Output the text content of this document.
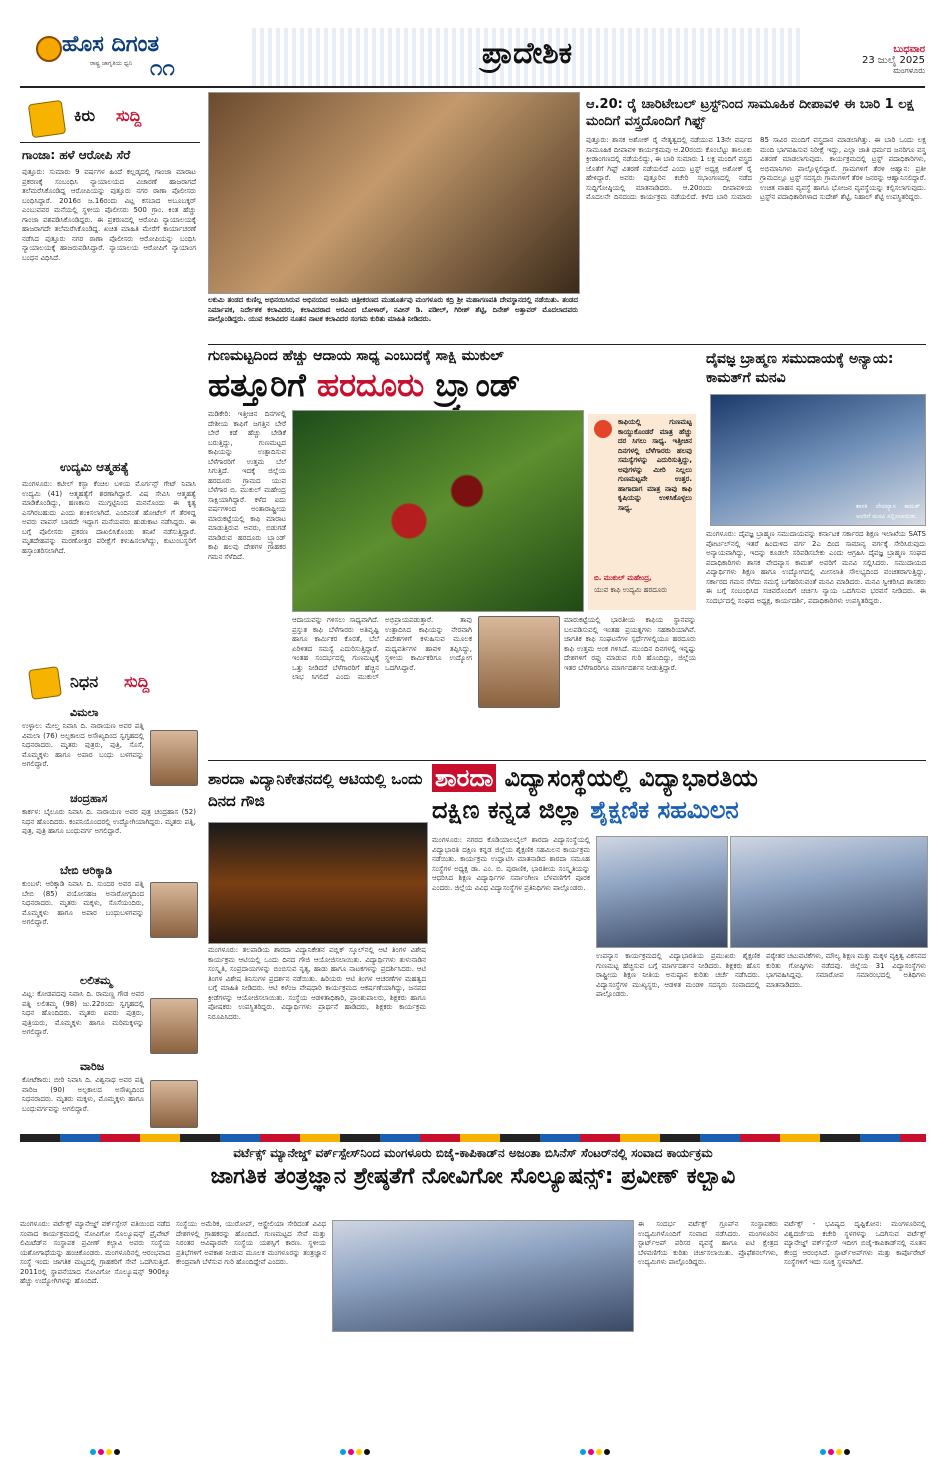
ಹೊಸ ದಿಗಂತ
ರಾಷ್ಟ್ರ ಜಾಗೃತಿಯ ಧ್ವನಿ ೧೧	ಪ್ರಾದೇಶಿಕ	ಬುಧವಾರ
23 ಜುಲೈ 2025
ಮಂಗಳೂರು
ಕಿರು ಸುದ್ದಿ
ಗಾಂಜಾ: ಹಳೆ ಆರೋಪಿ ಸೆರೆ
ಪುತ್ತೂರು: ಸುಮಾರು 9 ವರ್ಷಗಳ ಹಿಂದೆ ಕಲ್ಲಡ್ಕದಲ್ಲಿ ಗಾಂಜಾ ಮಾರಾಟ ಪ್ರಕರಣಕ್ಕೆ ಸಂಬಂಧಿಸಿ ನ್ಯಾಯಾಲಯದ ವಿಚಾರಣೆ ಹಾಜರಾಗದೆ ತಲೆಮರೆಸಿಕೊಂಡಿದ್ದ ಆರೋಪಿಯನ್ನು ಪುತ್ತೂರು ನಗರ ಠಾಣಾ ಪೊಲೀಸರು ಬಂಧಿಸಿದ್ದಾರೆ. 2016ರ ಜ.16ರಂದು ವಿಟ್ಲ ಕಸಬಾದ ಅಬೂಬಕ್ಕರ್ ಎಂಬುವವರ ಮನೆಯಲ್ಲಿ ಸ್ಥಳೀಯ ಪೊಲೀಸರು 500 ಗ್ರಾಂ. ಕಿಂತ ಹೆಚ್ಚು ಗಾಂಜಾ ವಶಪಡಿಸಿಕೊಂಡಿದ್ದರು. ಈ ಪ್ರಕರಣದಲ್ಲಿ ಆರೋಪಿ ನ್ಯಾಯಾಲಯಕ್ಕೆ ಹಾಜರಾಗದೇ ತಲೆಮರೆಸಿಕೊಂಡಿದ್ದ. ಖಚಿತ ಮಾಹಿತಿ ಮೇರೆಗೆ ಕಾರ್ಯಾಚರಣೆ ನಡೆಸಿದ ಪುತ್ತೂರು ನಗರ ಠಾಣಾ ಪೊಲೀಸರು ಆರೋಪಿಯನ್ನು ಬಂಧಿಸಿ ನ್ಯಾಯಾಲಯಕ್ಕೆ ಹಾಜರುಪಡಿಸಿದ್ದಾರೆ. ನ್ಯಾಯಾಲಯ ಆರೋಪಿಗೆ ನ್ಯಾಯಾಂಗ ಬಂಧನ ವಿಧಿಸಿದೆ.
ಉದ್ಯಮಿ ಆತ್ಮಹತ್ಯೆ
ಮಂಗಳೂರು: ಕಟೀಲ್ ಕಸ್ಬಾ ಕೆಂಚಿಲ ಬಳಿಯ ಮೊರ್ಗನ್ಸ್ ಗೇಟ್ ನಿವಾಸಿ ಉದ್ಯಮಿ (41) ಆತ್ಮಹತ್ಯೆಗೆ ಶರಣಾಗಿದ್ದಾರೆ. ವಿಷ ಸೇವಿಸಿ ಆತ್ಮಹತ್ಯೆ ಮಾಡಿಕೊಂಡಿದ್ದು, ಹಣಕಾಸು ಮುಗ್ಗಟ್ಟಿನಿಂದ ಮನನೊಂದು ಈ ಕೃತ್ಯ ಎಸಗಿರಬಹುದು ಎಂದು ಶಂಕಿಸಲಾಗಿದೆ. ಎಂದಿನಂತೆ ಹೋಟೆಲ್ ಗೆ ತೆರಳಿದ್ದ ಅವರು ವಾಪಸ್ ಬಾರದೇ ಇದ್ದಾಗ ಮನೆಯವರು ಹುಡುಕಾಟ ನಡೆಸಿದ್ದರು. ಈ ಬಗ್ಗೆ ಪೊಲೀಸರು ಪ್ರಕರಣ ದಾಖಲಿಸಿಕೊಂಡು ತನಿಖೆ ನಡೆಸುತ್ತಿದ್ದಾರೆ. ಮೃತದೇಹವನ್ನು ಮರಣೋತ್ತರ ಪರೀಕ್ಷೆಗೆ ಕಳುಹಿಸಲಾಗಿದ್ದು, ಕುಟುಂಬಸ್ಥರಿಗೆ ಹಸ್ತಾಂತರಿಸಲಾಗಿದೆ.
ನಿಧನ ಸುದ್ದಿ
ವಿಮಲಾ
ಉಳ್ಳಾಲ: ಮೇಲ್ತ ನಿವಾಸಿ ದಿ. ನಾರಾಯಣ ಅವರ ಪತ್ನಿ ವಿಮಲಾ (76) ಅಲ್ಪಕಾಲದ ಅಸೌಖ್ಯದಿಂದ ಸ್ವಗೃಹದಲ್ಲಿ ನಿಧನರಾದರು. ಮೃತರು ಪುತ್ರರು, ಪುತ್ರಿ, ಸೊಸೆ, ಮೊಮ್ಮಕ್ಕಳು ಹಾಗೂ ಅಪಾರ ಬಂಧು ಬಳಗವನ್ನು ಅಗಲಿದ್ದಾರೆ.
ಚಂದ್ರಹಾಸ
ಕಾರ್ಕಳ: ಬೈಲೂರು ನಿವಾಸಿ ದಿ. ನಾರಾಯಣ ಅವರ ಪುತ್ರ ಚಂದ್ರಹಾಸ (52) ನಿಧನ ಹೊಂದಿದರು. ಕಂಪನಿಯೊಂದರಲ್ಲಿ ಉದ್ಯೋಗಿಯಾಗಿದ್ದರು. ಮೃತರು ಪತ್ನಿ, ಪುತ್ರ, ಪುತ್ರಿ ಹಾಗೂ ಬಂಧುವರ್ಗ ಅಗಲಿದ್ದಾರೆ.
ಬೇಬಿ ಆರಿಕ್ಕಾಡಿ
ಕುಂಬಳೆ: ಆರಿಕ್ಕಾಡಿ ನಿವಾಸಿ ದಿ. ಸುಂದರ ಅವರ ಪತ್ನಿ ಬೇಬಿ (85) ವಯೋಸಹಜ ಅನಾರೋಗ್ಯದಿಂದ ನಿಧನರಾದರು. ಮೃತರು ಮಕ್ಕಳು, ಸೊಸೆಯಂದಿರು, ಮೊಮ್ಮಕ್ಕಳು ಹಾಗೂ ಅಪಾರ ಬಂಧುಬಳಗವನ್ನು ಅಗಲಿದ್ದಾರೆ.
ಲಲಿತಮ್ಮ
ವಿಟ್ಲ: ಕೋಡಪದವು ನಿವಾಸಿ ದಿ. ರಾಮಣ್ಣ ಗೌಡ ಅವರ ಪತ್ನಿ ಲಲಿತಮ್ಮ (98) ಜು.22ರಂದು ಸ್ವಗೃಹದಲ್ಲಿ ನಿಧನ ಹೊಂದಿದರು. ಮೃತರು ಐವರು ಪುತ್ರರು, ಪುತ್ರಿಯರು, ಮೊಮ್ಮಕ್ಕಳು ಹಾಗೂ ಮರಿಮಕ್ಕಳನ್ನು ಅಗಲಿದ್ದಾರೆ.
ವಾರಿಜ
ಕೋಟೆಕಾರು: ಬೀರಿ ನಿವಾಸಿ ದಿ. ವಿಶ್ವನಾಥ ಅವರ ಪತ್ನಿ ವಾರಿಜ (90) ಅಲ್ಪಕಾಲದ ಅಸೌಖ್ಯದಿಂದ ನಿಧನರಾದರು. ಮೃತರು ಮಕ್ಕಳು, ಮೊಮ್ಮಕ್ಕಳು ಹಾಗೂ ಬಂಧುವರ್ಗವನ್ನು ಅಗಲಿದ್ದಾರೆ.
ಲಕುಮಿ ತಂಡದ ಕುಣಿಲ್ಲ ಅಭಿನಯಿಸಿರುವ ಅಭಿನಯದ ಅಂತಿಮ ಚಿತ್ರೀಕರಣದ ಮುಹೂರ್ತವು ಮಂಗಳೂರು ಕದ್ರಿ ಶ್ರೀ ಮಹಾಗಣಪತಿ ದೇವಸ್ಥಾನದಲ್ಲಿ ನಡೆಯಿತು. ತಂಡದ ನಿರ್ಮಾಪಕ, ನಿರ್ದೇಶಕ ಕಲಾವಿದರು, ಕಲಾವಿದರಾದ ಅರವಿಂದ ಬೋಳಾರ್, ನವೀನ್ ಡಿ. ಪಡೀಲ್, ಗಿರೀಶ್ ಶೆಟ್ಟಿ, ದಿನೇಶ್ ಅತ್ತಾವರ್ ಮೊದಲಾದವರು ಪಾಲ್ಗೊಂಡಿದ್ದರು. ಯುವ ಕಲಾವಿದರ ನೂತನ ನಾಟಕ ಕಲಾವಿದರ ಸಂಗಮ ಕುರಿತು ಮಾಹಿತಿ ನೀಡಿದರು.
ಆ.20: ರೈ ಚಾರಿಟೇಬಲ್ ಟ್ರಸ್ಟ್‌ನಿಂದ ಸಾಮೂಹಿಕ ದೀಪಾವಳಿ ಈ ಬಾರಿ 1 ಲಕ್ಷ ಮಂದಿಗೆ ವಸ್ತ್ರದೊಂದಿಗೆ ಗಿಫ್ಟ್
ಪುತ್ತೂರು: ಶಾಸಕ ಅಶೋಕ್ ರೈ ನೇತೃತ್ವದಲ್ಲಿ ನಡೆಯುವ 13ನೇ ವರ್ಷದ ಸಾಮೂಹಿಕ ದೀಪಾವಳಿ ಕಾರ್ಯಕ್ರಮವು ಆ.20ರಂದು ಕೊಂಬೆಟ್ಟು ತಾಲೂಕು ಕ್ರೀಡಾಂಗಣದಲ್ಲಿ ನಡೆಯಲಿದ್ದು, ಈ ಬಾರಿ ಸುಮಾರು 1 ಲಕ್ಷ ಮಂದಿಗೆ ವಸ್ತ್ರದ ಜೊತೆಗೆ ಗಿಫ್ಟ್ ವಿತರಣೆ ನಡೆಯಲಿದೆ ಎಂದು ಟ್ರಸ್ಟ್ ಅಧ್ಯಕ್ಷ ಅಶೋಕ್ ರೈ ಹೇಳಿದ್ದಾರೆ. ಅವರು ಪುತ್ತೂರಿನ ಕಚೇರಿ ಸಭಾಂಗಣದಲ್ಲಿ ನಡೆದ ಸುದ್ದಿಗೋಷ್ಠಿಯಲ್ಲಿ ಮಾತನಾಡಿದರು. ಆ.20ರಂದು ದೀಪಾವಳಿಯ ಮೊದಲನೇ ದಿನದಂದು ಕಾರ್ಯಕ್ರಮ ನಡೆಯಲಿದೆ. ಕಳೆದ ಬಾರಿ ಸುಮಾರು 85 ಸಾವಿರ ಮಂದಿಗೆ ವಸ್ತ್ರದಾನ ಮಾಡಲಾಗಿತ್ತು. ಈ ಬಾರಿ ಒಂದು ಲಕ್ಷ ಮಂದಿ ಭಾಗವಹಿಸುವ ನಿರೀಕ್ಷೆ ಇದ್ದು, ಎಲ್ಲಾ ಜಾತಿ ಧರ್ಮದ ಜನರಿಗೂ ವಸ್ತ್ರ ವಿತರಣೆ ಮಾಡಲಾಗುವುದು. ಕಾರ್ಯಕ್ರಮದಲ್ಲಿ ಟ್ರಸ್ಟ್ ಪದಾಧಿಕಾರಿಗಳು, ಅಭಿಮಾನಿಗಳು ಪಾಲ್ಗೊಳ್ಳಲಿದ್ದಾರೆ. ಗ್ರಾಮಗಳಿಗೆ ತೆರಳಿ ಆಹ್ವಾನ: ಪ್ರತೀ ಗ್ರಾಮದಲ್ಲೂ ಟ್ರಸ್ಟ್ ಸದಸ್ಯರು ಗ್ರಾಮಗಳಿಗೆ ತೆರಳಿ ಜನರನ್ನು ಆಹ್ವಾನಿಸಲಿದ್ದಾರೆ. ಉಚಿತ ವಾಹನ ವ್ಯವಸ್ಥೆ ಹಾಗೂ ಭೋಜನ ವ್ಯವಸ್ಥೆಯನ್ನು ಕಲ್ಪಿಸಲಾಗುವುದು. ಟ್ರಸ್ಟ್‌ನ ಪದಾಧಿಕಾರಿಗಳಾದ ಸುದೇಶ್ ಶೆಟ್ಟಿ, ನಿಹಾಲ್ ಶೆಟ್ಟಿ ಉಪಸ್ಥಿತರಿದ್ದರು.
ಗುಣಮಟ್ಟದಿಂದ ಹೆಚ್ಚು ಆದಾಯ ಸಾಧ್ಯ ಎಂಬುದಕ್ಕೆ ಸಾಕ್ಷಿ ಮುಕುಲ್
ಹತ್ತೂರಿಗೆ ಹರದೂರು ಬ್ರ್ಯಾಂಡ್
ಮಡಿಕೇರಿ: ಇತ್ತೀಚಿನ ದಿನಗಳಲ್ಲಿ ದೇಶೀಯ ಕಾಫಿಗೆ ಜಗತ್ತಿನ ಬೇರೆ ಬೇರೆ ಕಡೆ ಹೆಚ್ಚು ಬೇಡಿಕೆ ಬರುತ್ತಿದ್ದು, ಗುಣಮಟ್ಟದ ಕಾಫಿಯನ್ನು ಉತ್ಪಾದಿಸುವ ಬೆಳೆಗಾರರಿಗೆ ಉತ್ತಮ ಬೆಲೆ ಸಿಗುತ್ತಿದೆ. ಇದಕ್ಕೆ ಜಿಲ್ಲೆಯ ಹರದೂರು ಗ್ರಾಮದ ಯುವ ಬೆಳೆಗಾರ ಬಿ. ಮುಕುಲ್ ಮಹೇಂದ್ರ ಸಾಕ್ಷಿಯಾಗಿದ್ದಾರೆ. ಕಳೆದ ಐದು ವರ್ಷಗಳಿಂದ ಅಂತಾರಾಷ್ಟ್ರೀಯ ಮಾರುಕಟ್ಟೆಯಲ್ಲಿ ಕಾಫಿ ಮಾರಾಟ ಮಾಡುತ್ತಿರುವ ಅವರು, ಬಿಡುಗಡೆ ಮಾಡಿರುವ ಹರದೂರು ಬ್ರ್ಯಾಂಡ್ ಕಾಫಿ ಹಲವು ದೇಶಗಳ ಗ್ರಾಹಕರ ಗಮನ ಸೆಳೆದಿದೆ.
ಕಾಫಿಯಲ್ಲಿ ಗುಣಮಟ್ಟ ಕಾಯ್ದುಕೊಂಡರೆ ಮಾತ್ರ ಹೆಚ್ಚು ದರ ಸಿಗಲು ಸಾಧ್ಯ. ಇತ್ತೀಚಿನ ದಿನಗಳಲ್ಲಿ ಬೆಳೆಗಾರರು ಹಲವು ಸಮಸ್ಯೆಗಳನ್ನು ಎದುರಿಸುತ್ತಿದ್ದು, ಅವುಗಳನ್ನು ಮೀರಿ ನಿಲ್ಲಲು ಗುಣಮಟ್ಟವೇ ಉತ್ತರ. ಹಾಗಾದಾಗ ಮಾತ್ರ ನಾವು ಕಾಫಿ ಕೃಷಿಯನ್ನು ಉಳಿಸಿಕೊಳ್ಳಲು ಸಾಧ್ಯ.
ಬಿ. ಮುಕುಲ್ ಮಹೇಂದ್ರ,
ಯುವ ಕಾಫಿ ಉದ್ಯಮಿ ಹರದೂರು
ಆದಾಯವನ್ನು ಗಳಿಸಲು ಸಾಧ್ಯವಾಗಿದೆ. ಪ್ರಸ್ತುತ ಕಾಫಿ ಬೆಳೆಗಾರರು ಅತಿವೃಷ್ಟಿ ಹಾಗೂ ಕಾರ್ಮಿಕರ ಕೊರತೆ, ಬೆಲೆ ಏರಿಳಿತದ ಸಮಸ್ಯೆ ಎದುರಿಸುತ್ತಿದ್ದಾರೆ. ಇಂತಹ ಸಂದರ್ಭದಲ್ಲಿ ಗುಣಮಟ್ಟಕ್ಕೆ ಒತ್ತು ನೀಡಿದರೆ ಬೆಳೆಗಾರರಿಗೆ ಹೆಚ್ಚಿನ ಲಾಭ ಸಿಗಲಿದೆ ಎಂದು ಮುಕುಲ್ ಅಭಿಪ್ರಾಯಪಡುತ್ತಾರೆ. ತಾವು ಉತ್ಪಾದಿಸಿದ ಕಾಫಿಯನ್ನು ನೇರವಾಗಿ ವಿದೇಶಗಳಿಗೆ ಕಳುಹಿಸುವ ಮೂಲಕ ಮಧ್ಯವರ್ತಿಗಳ ಹಾವಳಿ ತಪ್ಪಿಸಿದ್ದು, ಸ್ಥಳೀಯ ಕಾರ್ಮಿಕರಿಗೂ ಉದ್ಯೋಗ ಒದಗಿಸಿದ್ದಾರೆ.
ಮಾರುಕಟ್ಟೆಯಲ್ಲಿ ಭಾರತೀಯ ಕಾಫಿಯ ಸ್ಥಾನವನ್ನು ಬಲಪಡಿಸುವಲ್ಲಿ ಇಂತಹ ಪ್ರಯತ್ನಗಳು ಸಹಕಾರಿಯಾಗಿವೆ. ಜಾಗತಿಕ ಕಾಫಿ ಸಂಘಟನೆಗಳ ಸ್ಪರ್ಧೆಗಳಲ್ಲಿಯೂ ಹರದೂರು ಕಾಫಿ ಉತ್ತಮ ಅಂಕ ಗಳಿಸಿದೆ. ಮುಂದಿನ ದಿನಗಳಲ್ಲಿ ಇನ್ನಷ್ಟು ದೇಶಗಳಿಗೆ ರಫ್ತು ಮಾಡುವ ಗುರಿ ಹೊಂದಿದ್ದು, ಜಿಲ್ಲೆಯ ಇತರ ಬೆಳೆಗಾರರಿಗೂ ಮಾರ್ಗದರ್ಶನ ನೀಡುತ್ತಿದ್ದಾರೆ.
ದೈವಜ್ಞ ಬ್ರಾಹ್ಮಣ ಸಮುದಾಯಕ್ಕೆ ಅನ್ಯಾಯ: ಕಾಮತ್‌ಗೆ ಮನವಿ
ಶಾಸಕ ವೇದವ್ಯಾಸ ಕಾಮತ್ ಅವರಿಗೆ ಮನವಿ ಸಲ್ಲಿಸಲಾಯಿತು.
ಮಂಗಳೂರು: ದೈವಜ್ಞ ಬ್ರಾಹ್ಮಣ ಸಮುದಾಯವನ್ನು ಕರ್ನಾಟಕ ಸರ್ಕಾರದ ಶಿಕ್ಷಣ ಇಲಾಖೆಯ SATS ಪೋರ್ಟಲ್‌ನಲ್ಲಿ ಇತರೆ ಹಿಂದುಳಿದ ವರ್ಗ 2ಎ ದಿಂದ ಸಾಮಾನ್ಯ ವರ್ಗಕ್ಕೆ ಸೇರಿಸಿರುವುದು ಅನ್ಯಾಯವಾಗಿದ್ದು, ಇದನ್ನು ಕೂಡಲೇ ಸರಿಪಡಿಸಬೇಕು ಎಂದು ಆಗ್ರಹಿಸಿ ದೈವಜ್ಞ ಬ್ರಾಹ್ಮಣ ಸಂಘದ ಪದಾಧಿಕಾರಿಗಳು ಶಾಸಕ ವೇದವ್ಯಾಸ ಕಾಮತ್ ಅವರಿಗೆ ಮನವಿ ಸಲ್ಲಿಸಿದರು. ಸಮುದಾಯದ ವಿದ್ಯಾರ್ಥಿಗಳು ಶಿಕ್ಷಣ ಹಾಗೂ ಉದ್ಯೋಗದಲ್ಲಿ ಮೀಸಲಾತಿ ಸೌಲಭ್ಯದಿಂದ ವಂಚಿತರಾಗುತ್ತಿದ್ದು, ಸರ್ಕಾರದ ಗಮನ ಸೆಳೆದು ಸಮಸ್ಯೆ ಬಗೆಹರಿಸುವಂತೆ ಮನವಿ ಮಾಡಿದರು. ಮನವಿ ಸ್ವೀಕರಿಸಿದ ಶಾಸಕರು ಈ ಬಗ್ಗೆ ಸಂಬಂಧಿಸಿದ ಸಚಿವರೊಂದಿಗೆ ಚರ್ಚಿಸಿ ನ್ಯಾಯ ಒದಗಿಸುವ ಭರವಸೆ ನೀಡಿದರು. ಈ ಸಂದರ್ಭದಲ್ಲಿ ಸಂಘದ ಅಧ್ಯಕ್ಷ, ಕಾರ್ಯದರ್ಶಿ, ಪದಾಧಿಕಾರಿಗಳು ಉಪಸ್ಥಿತರಿದ್ದರು.
ಶಾರದಾ ವಿದ್ಯಾನಿಕೇತನದಲ್ಲಿ ಆಟಿಯಲ್ಲಿ ಒಂದು ದಿನದ ಗೌಜಿ
ಮಂಗಳೂರು: ತಲಪಾಡಿಯ ಶಾರದಾ ವಿದ್ಯಾನಿಕೇತನ ಪಬ್ಲಿಕ್ ಸ್ಕೂಲ್‌ನಲ್ಲಿ ಆಟಿ ತಿಂಗಳ ವಿಶೇಷ ಕಾರ್ಯಕ್ರಮ ಆಟಿಯಲ್ಲಿ ಒಂದು ದಿನದ ಗೌಜಿ ಆಯೋಜಿಸಲಾಯಿತು. ವಿದ್ಯಾರ್ಥಿಗಳು ತುಳುನಾಡಿನ ಸಂಸ್ಕೃತಿ, ಸಂಪ್ರದಾಯಗಳನ್ನು ಬಿಂಬಿಸುವ ನೃತ್ಯ, ಹಾಡು ಹಾಗೂ ನಾಟಕಗಳನ್ನು ಪ್ರದರ್ಶಿಸಿದರು. ಆಟಿ ತಿಂಗಳ ವಿಶೇಷ ತಿನಿಸುಗಳ ಪ್ರದರ್ಶನ ನಡೆಯಿತು. ಹಿರಿಯರು ಆಟಿ ತಿಂಗಳ ಆಚರಣೆಗಳ ಮಹತ್ವದ ಬಗ್ಗೆ ಮಾಹಿತಿ ನೀಡಿದರು. ಆಟಿ ಕಳೆಂಜ ವೇಷಧಾರಿ ಕಾರ್ಯಕ್ರಮದ ಆಕರ್ಷಣೆಯಾಗಿದ್ದು, ಜನಪದ ಕ್ರೀಡೆಗಳನ್ನು ಆಯೋಜಿಸಲಾಯಿತು. ಸಂಸ್ಥೆಯ ಆಡಳಿತಾಧಿಕಾರಿ, ಪ್ರಾಂಶುಪಾಲರು, ಶಿಕ್ಷಕರು ಹಾಗೂ ಪೋಷಕರು ಉಪಸ್ಥಿತರಿದ್ದರು. ವಿದ್ಯಾರ್ಥಿಗಳು ಪ್ರಾರ್ಥನೆ ಹಾಡಿದರು, ಶಿಕ್ಷಕರು ಕಾರ್ಯಕ್ರಮ ನಿರೂಪಿಸಿದರು.
ಶಾರದಾ ವಿದ್ಯಾಸಂಸ್ಥೆಯಲ್ಲಿ ವಿದ್ಯಾಭಾರತಿಯ
ದಕ್ಷಿಣ ಕನ್ನಡ ಜಿಲ್ಲಾ ಶೈಕ್ಷಣಿಕ ಸಹಮಿಲನ
ಮಂಗಳೂರು: ನಗರದ ಕೊಡಿಯಾಲಬೈಲ್ ಶಾರದಾ ವಿದ್ಯಾಸಂಸ್ಥೆಯಲ್ಲಿ ವಿದ್ಯಾಭಾರತಿ ದಕ್ಷಿಣ ಕನ್ನಡ ಜಿಲ್ಲೆಯ ಶೈಕ್ಷಣಿಕ ಸಹಮಿಲನ ಕಾರ್ಯಕ್ರಮ ನಡೆಯಿತು. ಕಾರ್ಯಕ್ರಮ ಉದ್ಘಾಟಿಸಿ ಮಾತನಾಡಿದ ಶಾರದಾ ಸಮೂಹ ಸಂಸ್ಥೆಗಳ ಅಧ್ಯಕ್ಷ ಡಾ. ಎಂ. ಬಿ. ಪುರಾಣಿಕ, ಭಾರತೀಯ ಸಂಸ್ಕೃತಿಯನ್ನು ಆಧರಿಸಿದ ಶಿಕ್ಷಣ ವಿದ್ಯಾರ್ಥಿಗಳ ಸರ್ವಾಂಗೀಣ ಬೆಳವಣಿಗೆಗೆ ಪೂರಕ ಎಂದರು. ಜಿಲ್ಲೆಯ ವಿವಿಧ ವಿದ್ಯಾಸಂಸ್ಥೆಗಳ ಪ್ರತಿನಿಧಿಗಳು ಪಾಲ್ಗೊಂಡರು.
ಉಪನ್ಯಾಸ ಕಾರ್ಯಕ್ರಮದಲ್ಲಿ ವಿದ್ಯಾಭಾರತಿಯ ಪ್ರಮುಖರು ಶೈಕ್ಷಣಿಕ ಗುಣಮಟ್ಟ ಹೆಚ್ಚಿಸುವ ಬಗ್ಗೆ ಮಾರ್ಗದರ್ಶನ ನೀಡಿದರು. ಶಿಕ್ಷಕರು ಹೊಸ ರಾಷ್ಟ್ರೀಯ ಶಿಕ್ಷಣ ನೀತಿಯ ಅನುಷ್ಠಾನ ಕುರಿತು ಚರ್ಚೆ ನಡೆಸಿದರು. ವಿದ್ಯಾಸಂಸ್ಥೆಗಳ ಮುಖ್ಯಸ್ಥರು, ಆಡಳಿತ ಮಂಡಳಿ ಸದಸ್ಯರು ಸಂವಾದದಲ್ಲಿ ಪಾಲ್ಗೊಂಡರು.
ಪಠ್ಯೇತರ ಚಟುವಟಿಕೆಗಳು, ಮೌಲ್ಯ ಶಿಕ್ಷಣ ಮತ್ತು ಮಕ್ಕಳ ವ್ಯಕ್ತಿತ್ವ ವಿಕಸನದ ಕುರಿತು ಗೋಷ್ಠಿಗಳು ನಡೆದವು. ಜಿಲ್ಲೆಯ 31 ವಿದ್ಯಾಸಂಸ್ಥೆಗಳು ಭಾಗವಹಿಸಿದ್ದವು. ಸಮಾರೋಪ ಸಮಾರಂಭದಲ್ಲಿ ಅತಿಥಿಗಳು ಮಾತನಾಡಿದರು.
ವರ್ಟೆಕ್ಸ್ ಮ್ಯಾನೇಜ್ಡ್ ವರ್ಕ್‌ಸ್ಪೇಸ್‌ನಿಂದ ಮಂಗಳೂರು ಬಿಜೈ-ಕಾಪಿಕಾಡ್‌ನ ಅಜಂತಾ ಬಿಸಿನೆಸ್ ಸೆಂಟರ್‌ನಲ್ಲಿ ಸಂವಾದ ಕಾರ್ಯಕ್ರಮ
ಜಾಗತಿಕ ತಂತ್ರಜ್ಞಾನ ಶ್ರೇಷ್ಠತೆಗೆ ನೋವಿಗೋ ಸೊಲ್ಯೂಷನ್ಸ್: ಪ್ರವೀಣ್ ಕಲ್ಬಾವಿ
ಮಂಗಳೂರು: ವರ್ಟೆಕ್ಸ್ ಮ್ಯಾನೇಜ್ಡ್ ವರ್ಕ್‌ಸ್ಪೇಸ್ ವತಿಯಿಂದ ನಡೆದ ಸಂವಾದ ಕಾರ್ಯಕ್ರಮದಲ್ಲಿ ನೋವಿಗೋ ಸೊಲ್ಯೂಷನ್ಸ್ ಪ್ರೈವೇಟ್ ಲಿಮಿಟೆಡ್‌ನ ಸಂಸ್ಥಾಪಕ ಪ್ರವೀಣ್ ಕಲ್ಬಾವಿ ಅವರು ಸಂಸ್ಥೆಯ ಯಶೋಗಾಥೆಯನ್ನು ಹಂಚಿಕೊಂಡರು. ಮಂಗಳೂರಿನಲ್ಲಿ ಆರಂಭವಾದ ಸಂಸ್ಥೆ ಇಂದು ಜಾಗತಿಕ ಮಟ್ಟದಲ್ಲಿ ಗ್ರಾಹಕರಿಗೆ ಸೇವೆ ಒದಗಿಸುತ್ತಿದೆ. 2011ರಲ್ಲಿ ಸ್ಥಾಪನೆಯಾದ ನೋವಿಗೋ ಸೊಲ್ಯೂಷನ್ಸ್ 900ಕ್ಕೂ ಹೆಚ್ಚು ಉದ್ಯೋಗಿಗಳನ್ನು ಹೊಂದಿದೆ.
ಸಂಸ್ಥೆಯು ಅಮೆರಿಕ, ಯುರೋಪ್, ಆಸ್ಟ್ರೇಲಿಯಾ ಸೇರಿದಂತೆ ವಿವಿಧ ದೇಶಗಳಲ್ಲಿ ಗ್ರಾಹಕರನ್ನು ಹೊಂದಿದೆ. ಗುಣಮಟ್ಟದ ಸೇವೆ ಮತ್ತು ನಿರಂತರ ಆವಿಷ್ಕಾರವೇ ಸಂಸ್ಥೆಯ ಯಶಸ್ಸಿಗೆ ಕಾರಣ. ಸ್ಥಳೀಯ ಪ್ರತಿಭೆಗಳಿಗೆ ಅವಕಾಶ ನೀಡುವ ಮೂಲಕ ಮಂಗಳೂರನ್ನು ತಂತ್ರಜ್ಞಾನ ಕೇಂದ್ರವಾಗಿ ಬೆಳೆಸುವ ಗುರಿ ಹೊಂದಿದ್ದೇವೆ ಎಂದರು.
ಈ ಸಂದರ್ಭ ವರ್ಟೆಕ್ಸ್ ಗ್ರೂಪ್‌ನ ಸಂಸ್ಥಾಪಕರು ಉದ್ಯಮಿಗಳೊಂದಿಗೆ ಸಂವಾದ ನಡೆಸಿದರು. ಮಂಗಳೂರಿನ ಸ್ಟಾರ್ಟ್‌ಅಪ್ ಪರಿಸರ ವ್ಯವಸ್ಥೆ ಹಾಗೂ ಐಟಿ ಕ್ಷೇತ್ರದ ಬೆಳವಣಿಗೆಯ ಕುರಿತು ಚರ್ಚಿಸಲಾಯಿತು. ಪ್ರೊಫೆಶನಲ್‌ಗಳು, ಉದ್ಯಮಿಗಳು ಪಾಲ್ಗೊಂಡಿದ್ದರು.
ವರ್ಟೆಕ್ಸ್ - ಭವಿಷ್ಯದ ದೃಷ್ಟಿಕೋನ: ಮಂಗಳೂರಿನಲ್ಲಿ ವಿಶ್ವದರ್ಜೆಯ ಕಚೇರಿ ಸ್ಥಳಗಳನ್ನು ಒದಗಿಸುವ ವರ್ಟೆಕ್ಸ್ ಮ್ಯಾನೇಜ್ಡ್ ವರ್ಕ್‌ಸ್ಪೇಸ್ ಇದೀಗ ಬಿಜೈ-ಕಾಪಿಕಾಡ್‌ನಲ್ಲಿ ನೂತನ ಕೇಂದ್ರ ಆರಂಭಿಸಿದೆ. ಸ್ಟಾರ್ಟ್‌ಅಪ್‌ಗಳು ಮತ್ತು ಕಾರ್ಪೊರೇಟ್ ಸಂಸ್ಥೆಗಳಿಗೆ ಇದು ಸೂಕ್ತ ಸ್ಥಳವಾಗಿದೆ.
